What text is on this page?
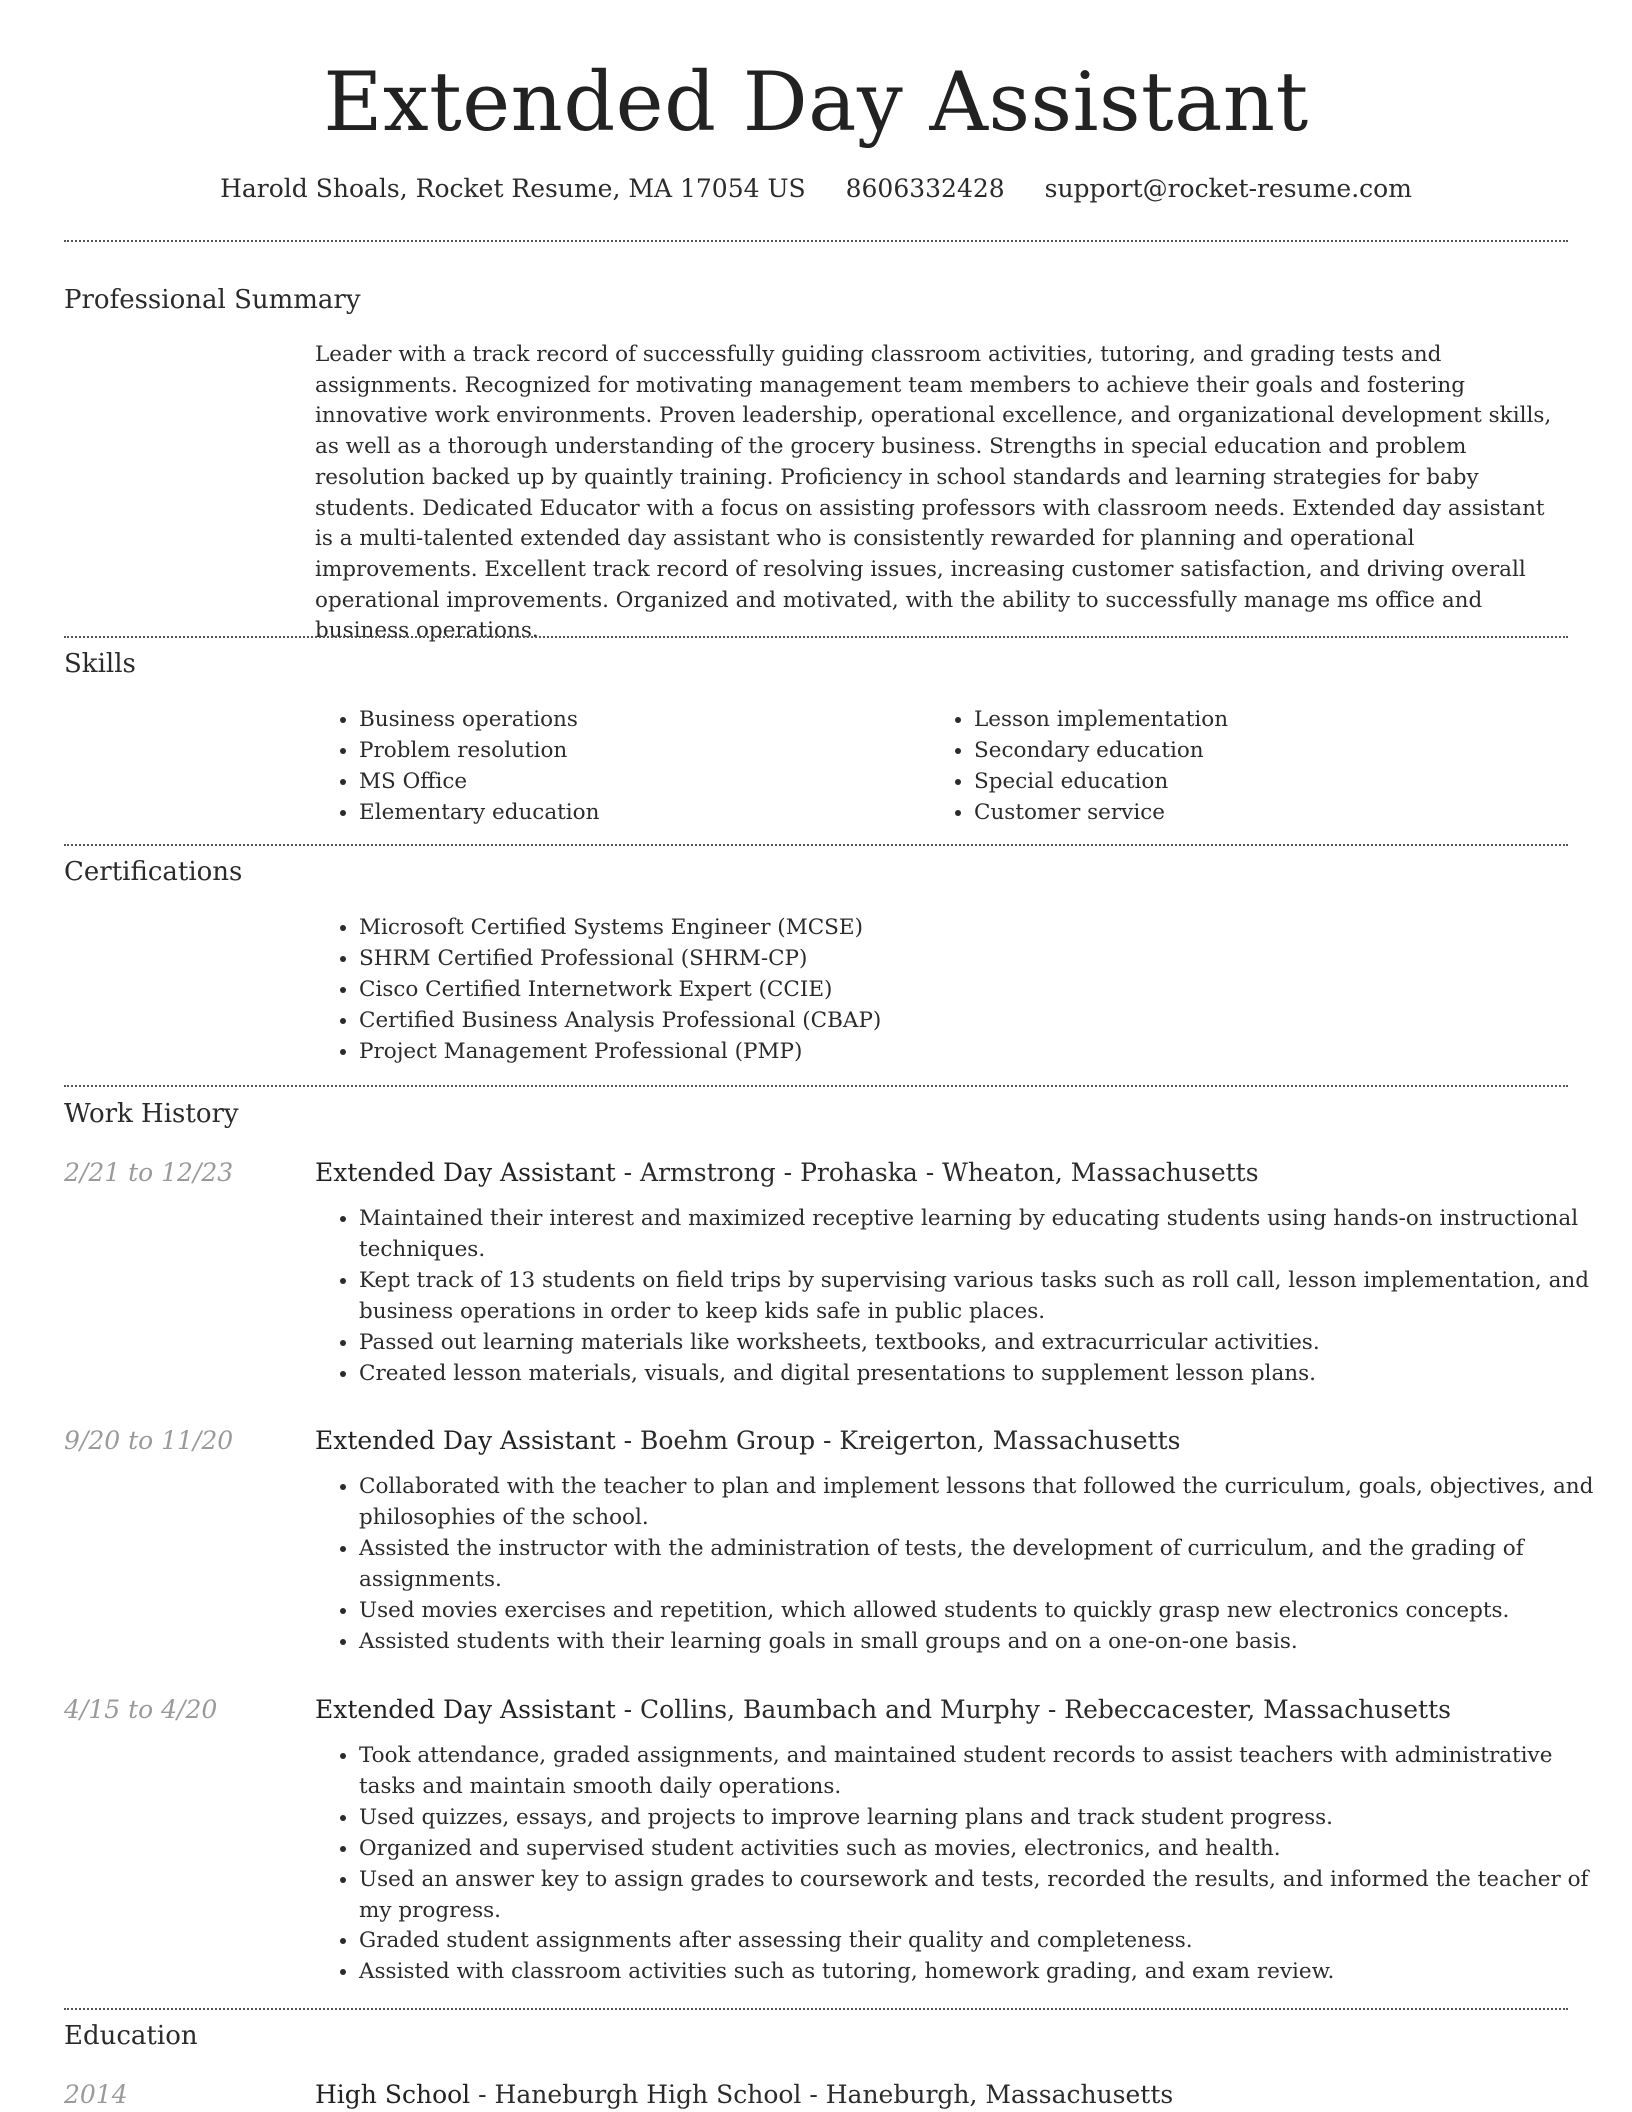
Extended Day Assistant
Harold Shoals, Rocket Resume, MA 17054 US 8606332428 support@rocket-resume.com
Professional Summary

Leader with a track record of successfully guiding classroom activities, tutoring, and grading tests and assignments. Recognized for motivating management team members to achieve their goals and fostering innovative work environments. Proven leadership, operational excellence, and organizational development skills, as well as a thorough understanding of the grocery business. Strengths in special education and problem resolution backed up by quaintly training. Proficiency in school standards and learning strategies for baby students. Dedicated Educator with a focus on assisting professors with classroom needs. Extended day assistant is a multi-talented extended day assistant who is consistently rewarded for planning and operational improvements. Excellent track record of resolving issues, increasing customer satisfaction, and driving overall operational improvements. Organized and motivated, with the ability to successfully manage ms office and business operations.

Skills
• Business operations
• Problem resolution
• MS Office
• Elementary education
• Lesson implementation
• Secondary education
• Special education
• Customer service
Certifications
• Microsoft Certified Systems Engineer (MCSE)
• SHRM Certified Professional (SHRM-CP)
• Cisco Certified Internetwork Expert (CCIE)
• Certified Business Analysis Professional (CBAP)
• Project Management Professional (PMP)
Work History
2/21 to 12/23	Extended Day Assistant - Armstrong - Prohaska - Wheaton, Massachusetts
• Maintained their interest and maximized receptive learning by educating students using hands-on instructional techniques.
• Kept track of 13 students on field trips by supervising various tasks such as roll call, lesson implementation, and business operations in order to keep kids safe in public places.
• Passed out learning materials like worksheets, textbooks, and extracurricular activities.
• Created lesson materials, visuals, and digital presentations to supplement lesson plans.
9/20 to 11/20	Extended Day Assistant - Boehm Group - Kreigerton, Massachusetts
• Collaborated with the teacher to plan and implement lessons that followed the curriculum, goals, objectives, and philosophies of the school.
• Assisted the instructor with the administration of tests, the development of curriculum, and the grading of assignments.
• Used movies exercises and repetition, which allowed students to quickly grasp new electronics concepts.
• Assisted students with their learning goals in small groups and on a one-on-one basis.
4/15 to 4/20	Extended Day Assistant - Collins, Baumbach and Murphy - Rebeccacester, Massachusetts
• Took attendance, graded assignments, and maintained student records to assist teachers with administrative tasks and maintain smooth daily operations.
• Used quizzes, essays, and projects to improve learning plans and track student progress.
• Organized and supervised student activities such as movies, electronics, and health.
• Used an answer key to assign grades to coursework and tests, recorded the results, and informed the teacher of my progress.
• Graded student assignments after assessing their quality and completeness.
• Assisted with classroom activities such as tutoring, homework grading, and exam review.
Education
2014	High School - Haneburgh High School - Haneburgh, Massachusetts
